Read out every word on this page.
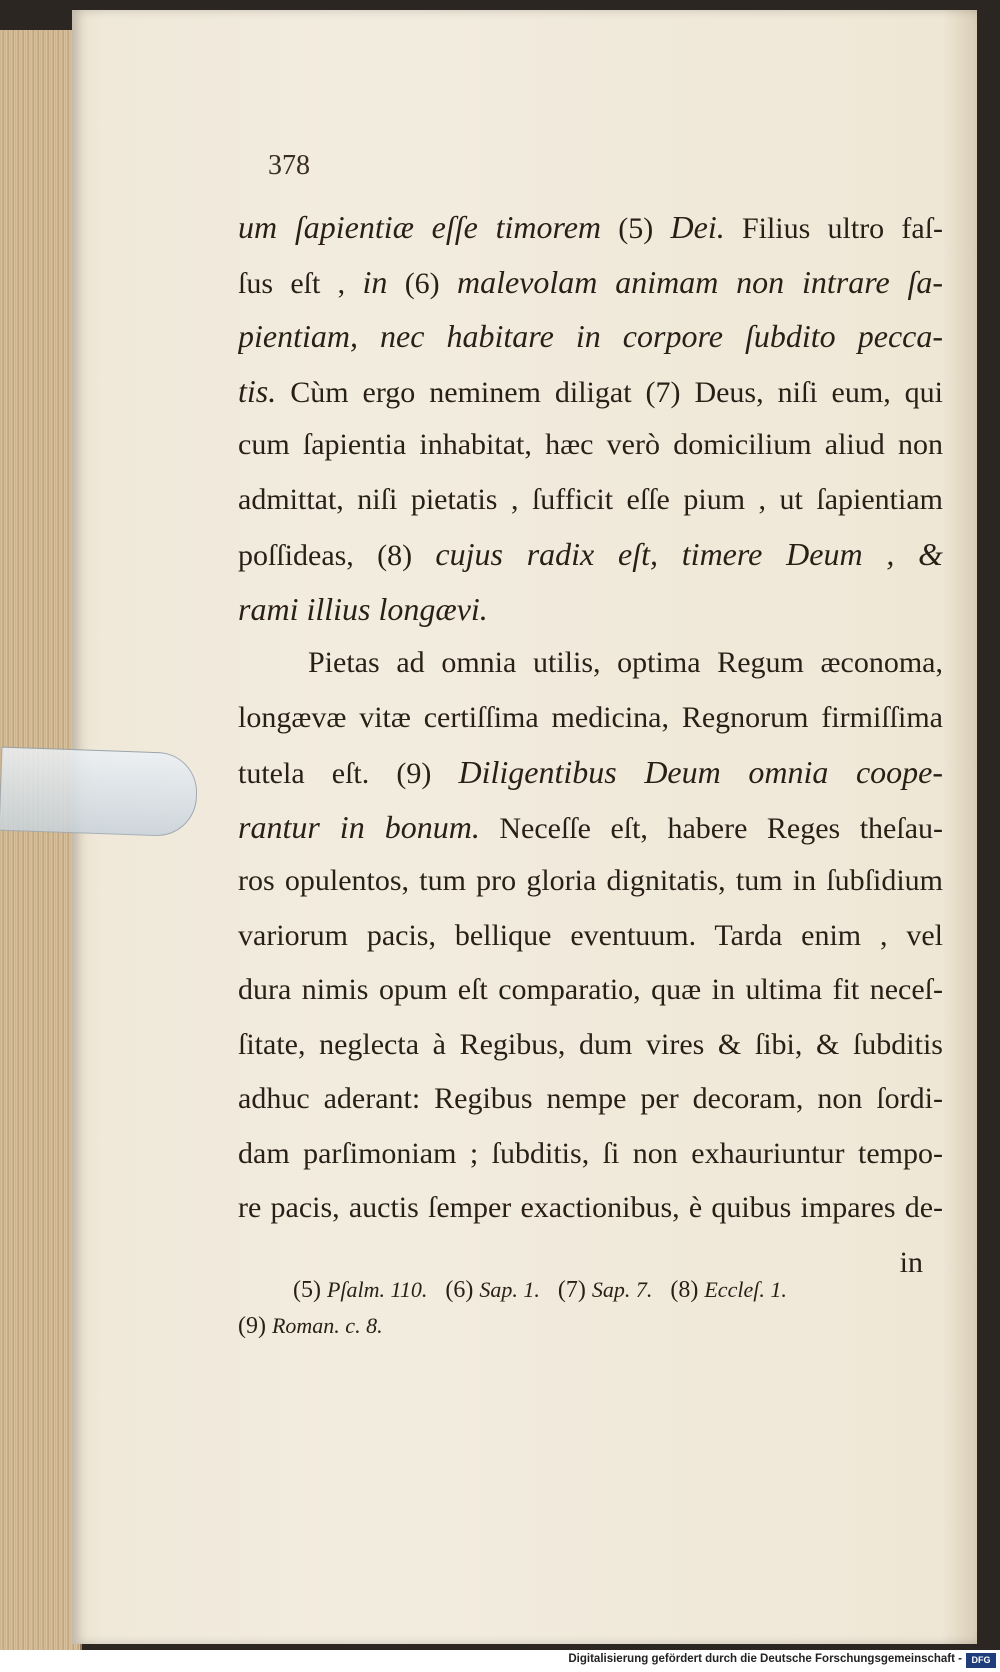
378
um ſapientiæ eſſe timorem (5) Dei. Filius ultro faſ-
ſus eſt , in (6) malevolam animam non intrare ſa-
pientiam, nec habitare in corpore ſubdito pecca-
tis. Cùm ergo neminem diligat (7) Deus, niſi eum, qui
cum ſapientia inhabitat, hæc verò domicilium aliud non
admittat, niſi pietatis , ſufficit eſſe pium , ut ſapientiam
poſſideas, (8) cujus radix eſt, timere Deum , &
rami illius longævi.
Pietas ad omnia utilis, optima Regum æconoma,
longævæ vitæ certiſſima medicina, Regnorum firmiſſima
tutela eſt. (9) Diligentibus Deum omnia coope-
rantur in bonum. Neceſſe eſt, habere Reges theſau-
ros opulentos, tum pro gloria dignitatis, tum in ſubſidium
variorum pacis, bellique eventuum. Tarda enim , vel
dura nimis opum eſt comparatio, quæ in ultima fit neceſ-
ſitate, neglecta à Regibus, dum vires & ſibi, & ſubditis
adhuc aderant: Regibus nempe per decoram, non ſordi-
dam parſimoniam ; ſubditis, ſi non exhauriuntur tempo-
re pacis, auctis ſemper exactionibus, è quibus impares de-
in
(5) Pſalm. 110. (6) Sap. 1. (7) Sap. 7. (8) Eccleſ. 1.
(9) Roman. c. 8.
Digitalisierung gefördert durch die Deutsche Forschungsgemeinschaft -	DFG
